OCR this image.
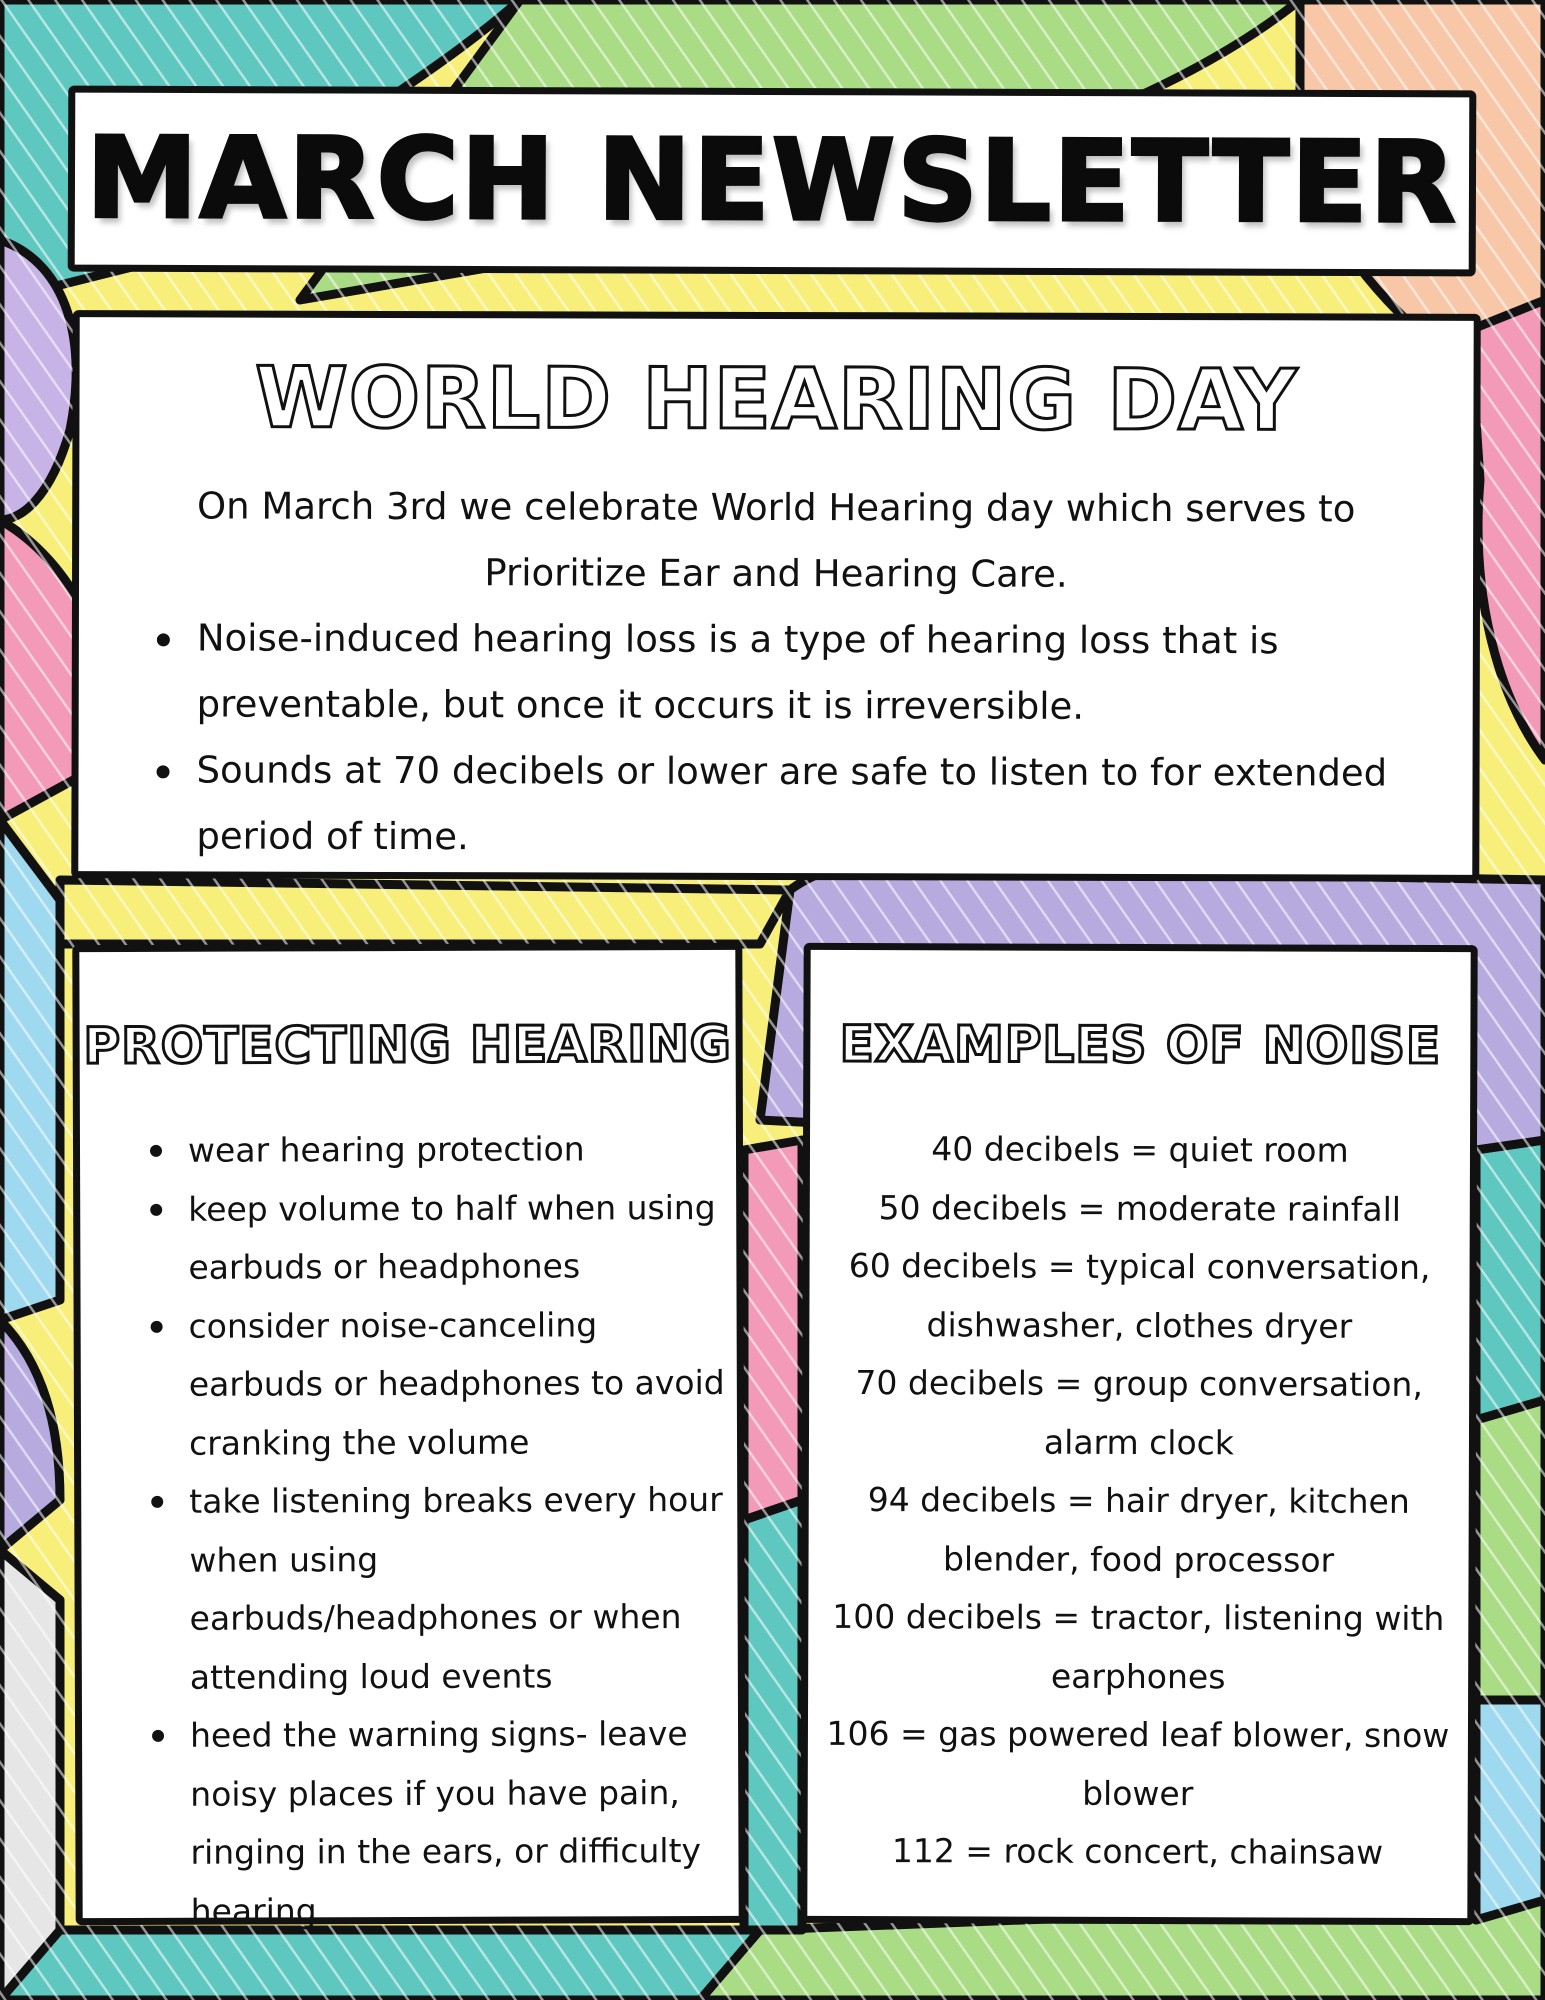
MARCH NEWSLETTER
WORLD HEARING DAY

On March 3rd we celebrate World Hearing day which serves to Prioritize Ear and Hearing Care.

Noise-induced hearing loss is a type of hearing loss that is preventable, but once it occurs it is irreversible.
Sounds at 70 decibels or lower are safe to listen to for extended period of time.
PROTECTING HEARING
wear hearing protection
keep volume to half when using earbuds or headphones
consider noise-canceling earbuds or headphones to avoid cranking the volume
take listening breaks every hour when using earbuds/headphones or when attending loud events
heed the warning signs- leave noisy places if you have pain, ringing in the ears, or difficulty hearing
EXAMPLES OF NOISE
40 decibels = quiet room
50 decibels = moderate rainfall
60 decibels = typical conversation, dishwasher, clothes dryer
70 decibels = group conversation, alarm clock
94 decibels = hair dryer, kitchen blender, food processor
100 decibels = tractor, listening with earphones
106 = gas powered leaf blower, snow blower
112 = rock concert, chainsaw
